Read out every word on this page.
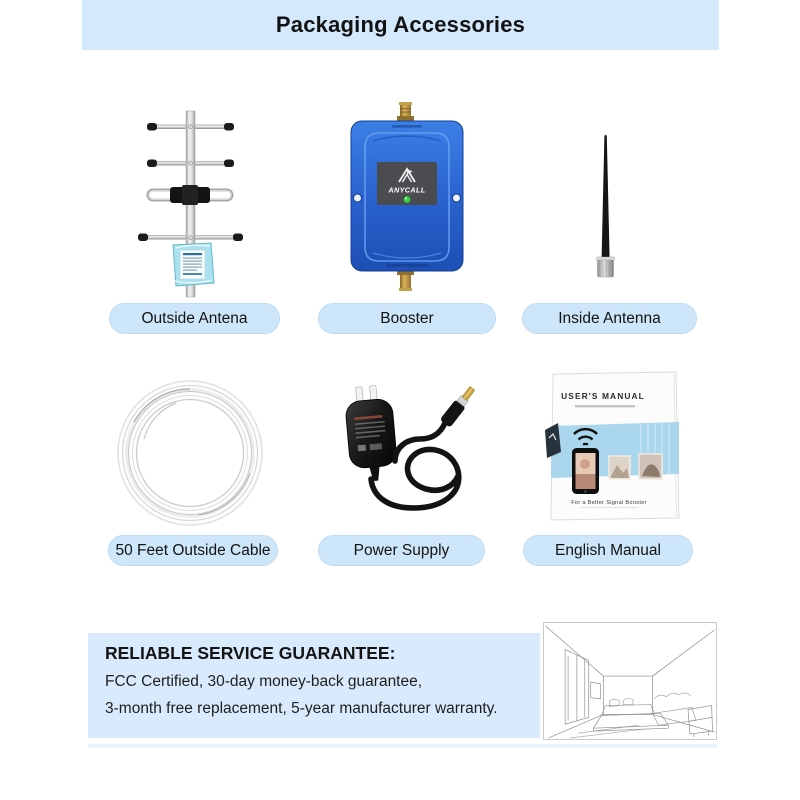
Packaging Accessories
ANYCALL
Outside Antena	Booster	Inside Antenna
USER'S MANUAL
For a Better Signal Booster
50 Feet Outside Cable	Power Supply	English Manual
RELIABLE SERVICE GUARANTEE:
FCC Certified, 30-day money-back guarantee,
3-month free replacement, 5-year manufacturer warranty.
